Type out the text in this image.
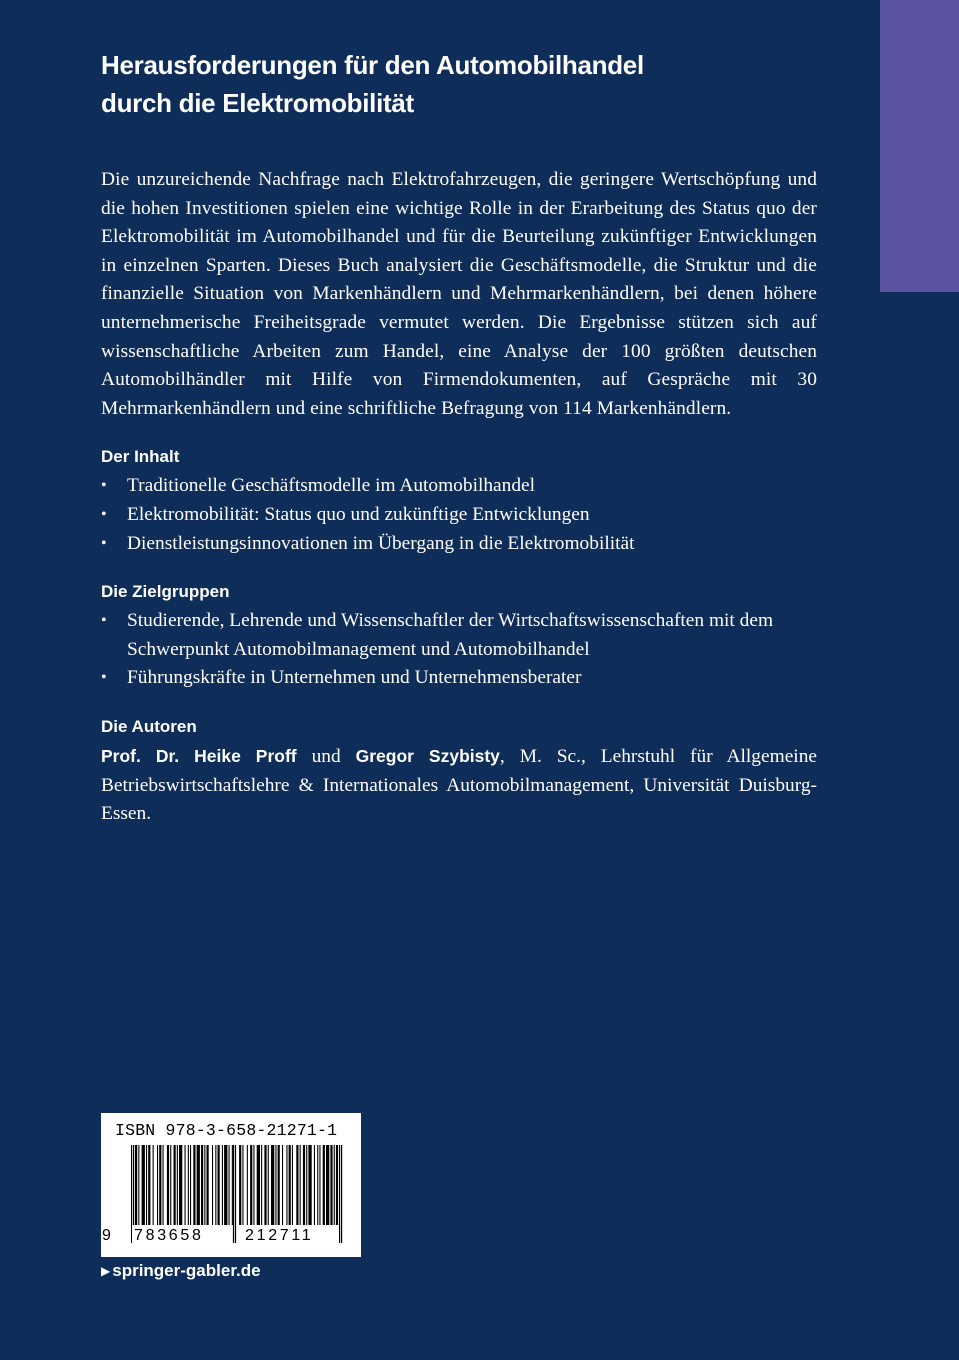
Herausforderungen für den Automobilhandel
durch die Elektromobilität

Die unzureichende Nachfrage nach Elektrofahrzeugen, die geringere Wertschöpfung und die hohen Investitionen spielen eine wichtige Rolle in der Erarbeitung des Status quo der Elektromobilität im Automobilhandel und für die Beurteilung zukünftiger Entwicklungen in einzelnen Sparten. Dieses Buch analysiert die Geschäftsmodelle, die Struktur und die finanzielle Situation von Markenhändlern und Mehrmarkenhändlern, bei denen höhere unternehmerische Freiheitsgrade vermutet werden. Die Ergebnisse stützen sich auf wissenschaftliche Arbeiten zum Handel, eine Analyse der 100 größten deutschen Automobilhändler mit Hilfe von Firmendokumenten, auf Gespräche mit 30 Mehrmarkenhändlern und eine schriftliche Befragung von 114 Markenhändlern.

Der Inhalt
• Traditionelle Geschäftsmodelle im Automobilhandel
• Elektromobilität: Status quo und zukünftige Entwicklungen
• Dienstleistungsinnovationen im Übergang in die Elektromobilität
Die Zielgruppen
• Studierende, Lehrende und Wissenschaftler der Wirtschaftswissenschaften mit dem Schwerpunkt Automobilmanagement und Automobilhandel
• Führungskräfte in Unternehmen und Unternehmensberater
Die Autoren
Prof. Dr. Heike Proff und Gregor Szybisty, M. Sc., Lehrstuhl für Allgemeine Betriebswirtschaftslehre & Internationales Automobilmanagement, Universität Duisburg-Essen.
ISBN 978-3-658-21271-1
9 783658	212711
▶ springer-gabler.de
